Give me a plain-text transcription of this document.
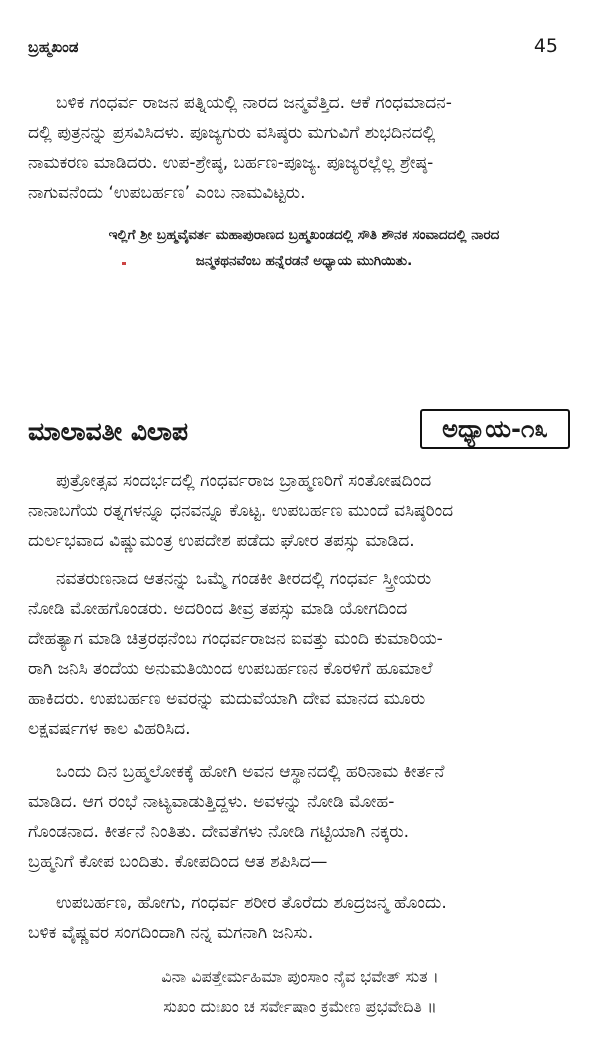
ಬ್ರಹ್ಮಖಂಡ	45
ಬಳಿಕ ಗಂಧರ್ವ ರಾಜನ ಪತ್ನಿಯಲ್ಲಿ ನಾರದ ಜನ್ಮವೆತ್ತಿದ. ಆಕೆ ಗಂಧಮಾದನ-
ದಲ್ಲಿ ಪುತ್ರನನ್ನು ಪ್ರಸವಿಸಿದಳು. ಪೂಜ್ಯಗುರು ವಸಿಷ್ಠರು ಮಗುವಿಗೆ ಶುಭದಿನದಲ್ಲಿ
ನಾಮಕರಣ ಮಾಡಿದರು. ಉಪ-ಶ್ರೇಷ್ಠ, ಬರ್ಹಣ-ಪೂಜ್ಯ. ಪೂಜ್ಯರಲ್ಲೆಲ್ಲ ಶ್ರೇಷ್ಠ-
ನಾಗುವನೆಂದು ‘ಉಪಬರ್ಹಣ’ ಎಂಬ ನಾಮವಿಟ್ಟರು.
ಇಲ್ಲಿಗೆ ಶ್ರೀ ಬ್ರಹ್ಮವೈವರ್ತ ಮಹಾಪುರಾಣದ ಬ್ರಹ್ಮಖಂಡದಲ್ಲಿ ಸೌತಿ ಶೌನಕ ಸಂವಾದದಲ್ಲಿ ನಾರದ
ಜನ್ಮಕಥನವೆಂಬ ಹನ್ನೆರಡನೆ ಅಧ್ಯಾಯ ಮುಗಿಯಿತು.
ಮಾಲಾವತೀ ವಿಲಾಪ	ಅಧ್ಯಾಯ-೧೩
ಪುತ್ರೋತ್ಸವ ಸಂದರ್ಭದಲ್ಲಿ ಗಂಧರ್ವರಾಜ ಬ್ರಾಹ್ಮಣರಿಗೆ ಸಂತೋಷದಿಂದ
ನಾನಾಬಗೆಯ ರತ್ನಗಳನ್ನೂ ಧನವನ್ನೂ ಕೊಟ್ಟ. ಉಪಬರ್ಹಣ ಮುಂದೆ ವಸಿಷ್ಠರಿಂದ
ದುರ್ಲಭವಾದ ವಿಷ್ಣುಮಂತ್ರ ಉಪದೇಶ ಪಡೆದು ಘೋರ ತಪಸ್ಸು ಮಾಡಿದ.
ನವತರುಣನಾದ ಆತನನ್ನು ಒಮ್ಮೆ ಗಂಡಕೀ ತೀರದಲ್ಲಿ ಗಂಧರ್ವ ಸ್ತ್ರೀಯರು
ನೋಡಿ ಮೋಹಗೊಂಡರು. ಅದರಿಂದ ತೀವ್ರ ತಪಸ್ಸು ಮಾಡಿ ಯೋಗದಿಂದ
ದೇಹತ್ಯಾಗ ಮಾಡಿ ಚಿತ್ರರಥನೆಂಬ ಗಂಧರ್ವರಾಜನ ಐವತ್ತು ಮಂದಿ ಕುಮಾರಿಯ-
ರಾಗಿ ಜನಿಸಿ ತಂದೆಯ ಅನುಮತಿಯಿಂದ ಉಪಬರ್ಹಣನ ಕೊರಳಿಗೆ ಹೂಮಾಲೆ
ಹಾಕಿದರು. ಉಪಬರ್ಹಣ ಅವರನ್ನು ಮದುವೆಯಾಗಿ ದೇವ ಮಾನದ ಮೂರು
ಲಕ್ಷವರ್ಷಗಳ ಕಾಲ ವಿಹರಿಸಿದ.
ಒಂದು ದಿನ ಬ್ರಹ್ಮಲೋಕಕ್ಕೆ ಹೋಗಿ ಅವನ ಆಸ್ಥಾನದಲ್ಲಿ ಹರಿನಾಮ ಕೀರ್ತನೆ
ಮಾಡಿದ. ಆಗ ರಂಭೆ ನಾಟ್ಯವಾಡುತ್ತಿದ್ದಳು. ಅವಳನ್ನು ನೋಡಿ ಮೋಹ-
ಗೊಂಡನಾದ. ಕೀರ್ತನೆ ನಿಂತಿತು. ದೇವತೆಗಳು ನೋಡಿ ಗಟ್ಟಿಯಾಗಿ ನಕ್ಕರು.
ಬ್ರಹ್ಮನಿಗೆ ಕೋಪ ಬಂದಿತು. ಕೋಪದಿಂದ ಆತ ಶಪಿಸಿದ—
ಉಪಬರ್ಹಣ, ಹೋಗು, ಗಂಧರ್ವ ಶರೀರ ತೊರೆದು ಶೂದ್ರಜನ್ಮ ಹೊಂದು.
ಬಳಿಕ ವೈಷ್ಣವರ ಸಂಗದಿಂದಾಗಿ ನನ್ನ ಮಗನಾಗಿ ಜನಿಸು.
ವಿನಾ ವಿಪತ್ತೇರ್ಮಹಿಮಾ ಪುಂಸಾಂ ನೈವ ಭವೇತ್ ಸುತ ।
ಸುಖಂ ದುಃಖಂ ಚ ಸರ್ವೇಷಾಂ ಕ್ರಮೇಣ ಪ್ರಭವೇದಿತಿ ॥
